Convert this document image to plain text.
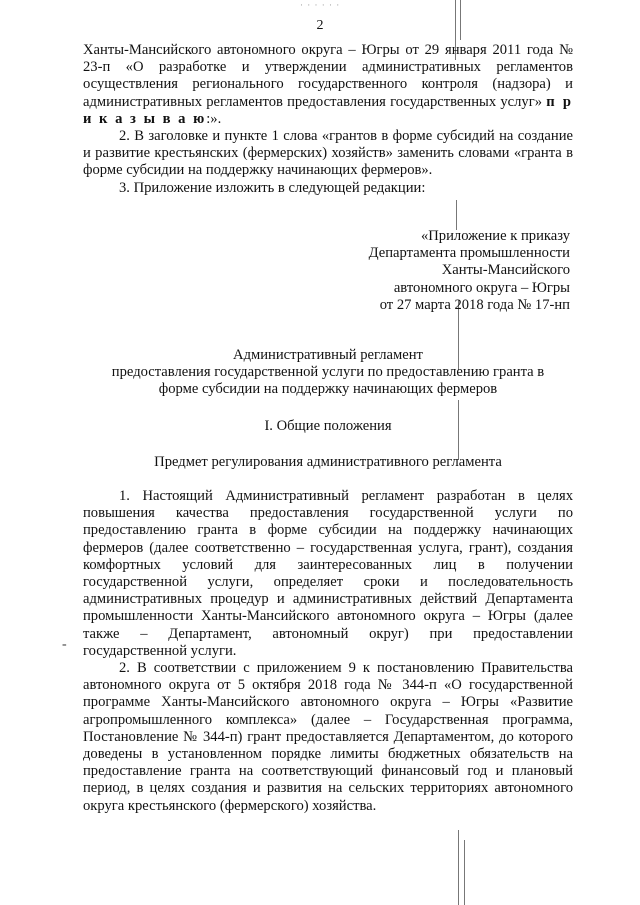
· · · · · ·
2

Ханты-Мансийского автономного округа – Югры от 29 января 2011 года № 23-п «О разработке и утверждении административных регламентов осуществления регионального государственного контроля (надзора) и административных регламентов предоставления государственных услуг» п р и к а з ы в а ю:».

2. В заголовке и пункте 1 слова «грантов в форме субсидий на создание и развитие крестьянских (фермерских) хозяйств» заменить словами «гранта в форме субсидии на поддержку начинающих фермеров».

3. Приложение изложить в следующей редакции:

«Приложение к приказу
Департамента промышленности
Ханты-Мансийского
автономного округа – Югры
от 27 марта 2018 года № 17-нп
Административный регламент
предоставления государственной услуги по предоставлению гранта в
форме субсидии на поддержку начинающих фермеров
I. Общие положения
Предмет регулирования административного регламента
-

1. Настоящий Административный регламент разработан в целях повышения качества предоставления государственной услуги по предоставлению гранта в форме субсидии на поддержку начинающих фермеров (далее соответственно – государственная услуга, грант), создания комфортных условий для заинтересованных лиц в получении государственной услуги, определяет сроки и последовательность административных процедур и административных действий Департамента промышленности Ханты-Мансийского автономного округа – Югры (далее также – Департамент, автономный округ) при предоставлении государственной услуги.

2. В соответствии с приложением 9 к постановлению Правительства автономного округа от 5 октября 2018 года № 344-п «О государственной программе Ханты-Мансийского автономного округа – Югры «Развитие агропромышленного комплекса» (далее – Государственная программа, Постановление № 344-п) грант предоставляется Департаментом, до которого доведены в установленном порядке лимиты бюджетных обязательств на предоставление гранта на соответствующий финансовый год и плановый период, в целях создания и развития на сельских территориях автономного округа крестьянского (фермерского) хозяйства.
